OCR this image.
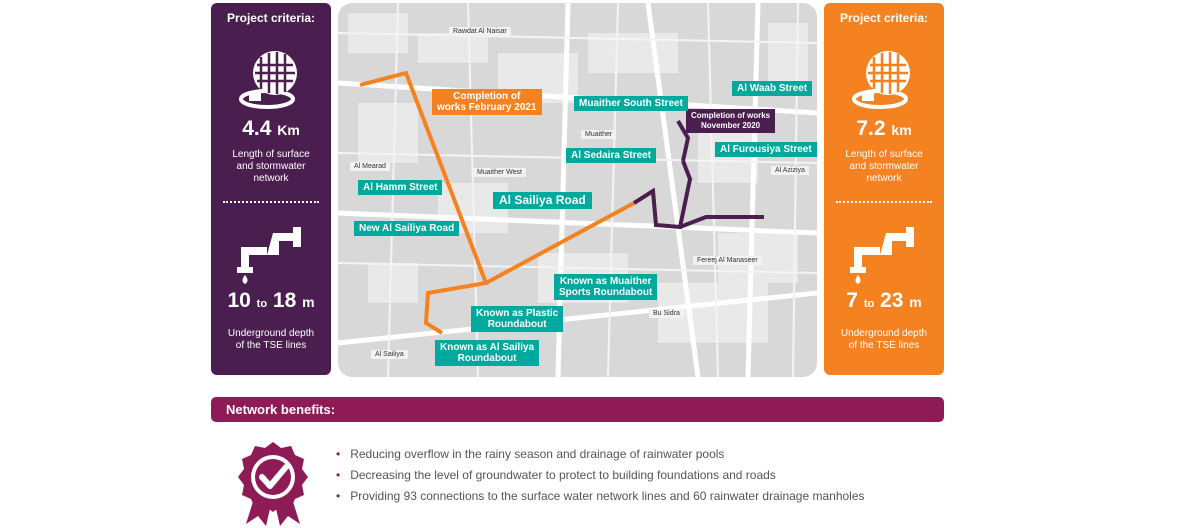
Project criteria:
4.4 Km
Length of surface
and stormwater
network
10 to 18 m
Underground depth
of the TSE lines
Rawdat Al Naisar
Al Mearad
Muaither West
Muaither
Al Aziziya
Fereej Al Manaseer
Bu Sidra
Al Sailiya
Completion of
works February 2021
Completion of works
November 2020
Muaither South Street
Al Waab Street
Al Sedaira Street
Al Furousiya Street
Al Hamm Street
Al Sailiya Road
New Al Sailiya Road
Known as Muaither
Sports Roundabout
Known as Plastic
Roundabout
Known as Al Sailiya
Roundabout
Project criteria:
7.2 km
Length of surface
and stormwater
network
7 to 23 m
Underground depth
of the TSE lines
Network benefits:
• Reducing overflow in the rainy season and drainage of rainwater pools
• Decreasing the level of groundwater to protect to building foundations and roads
• Providing 93 connections to the surface water network lines and 60 rainwater drainage manholes
